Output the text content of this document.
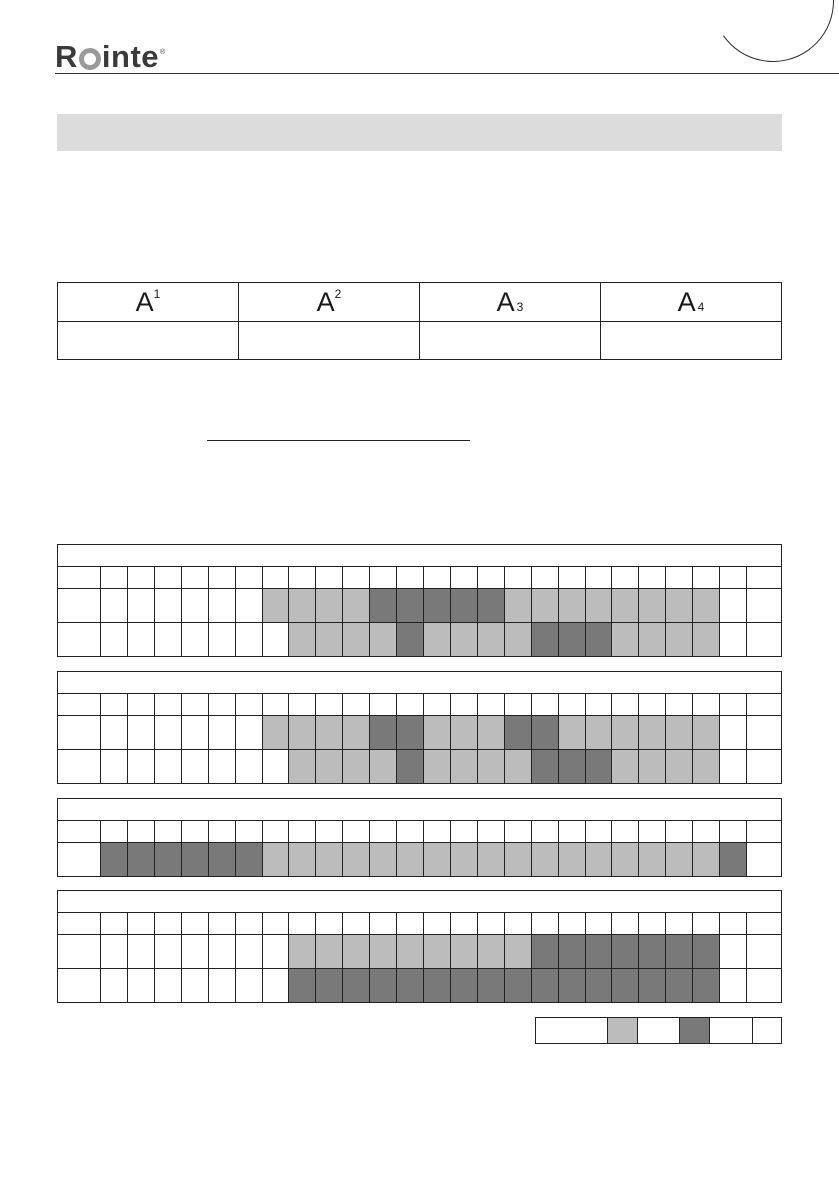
R inte ®
$A^1$	$A^2$	A 3	A 4
